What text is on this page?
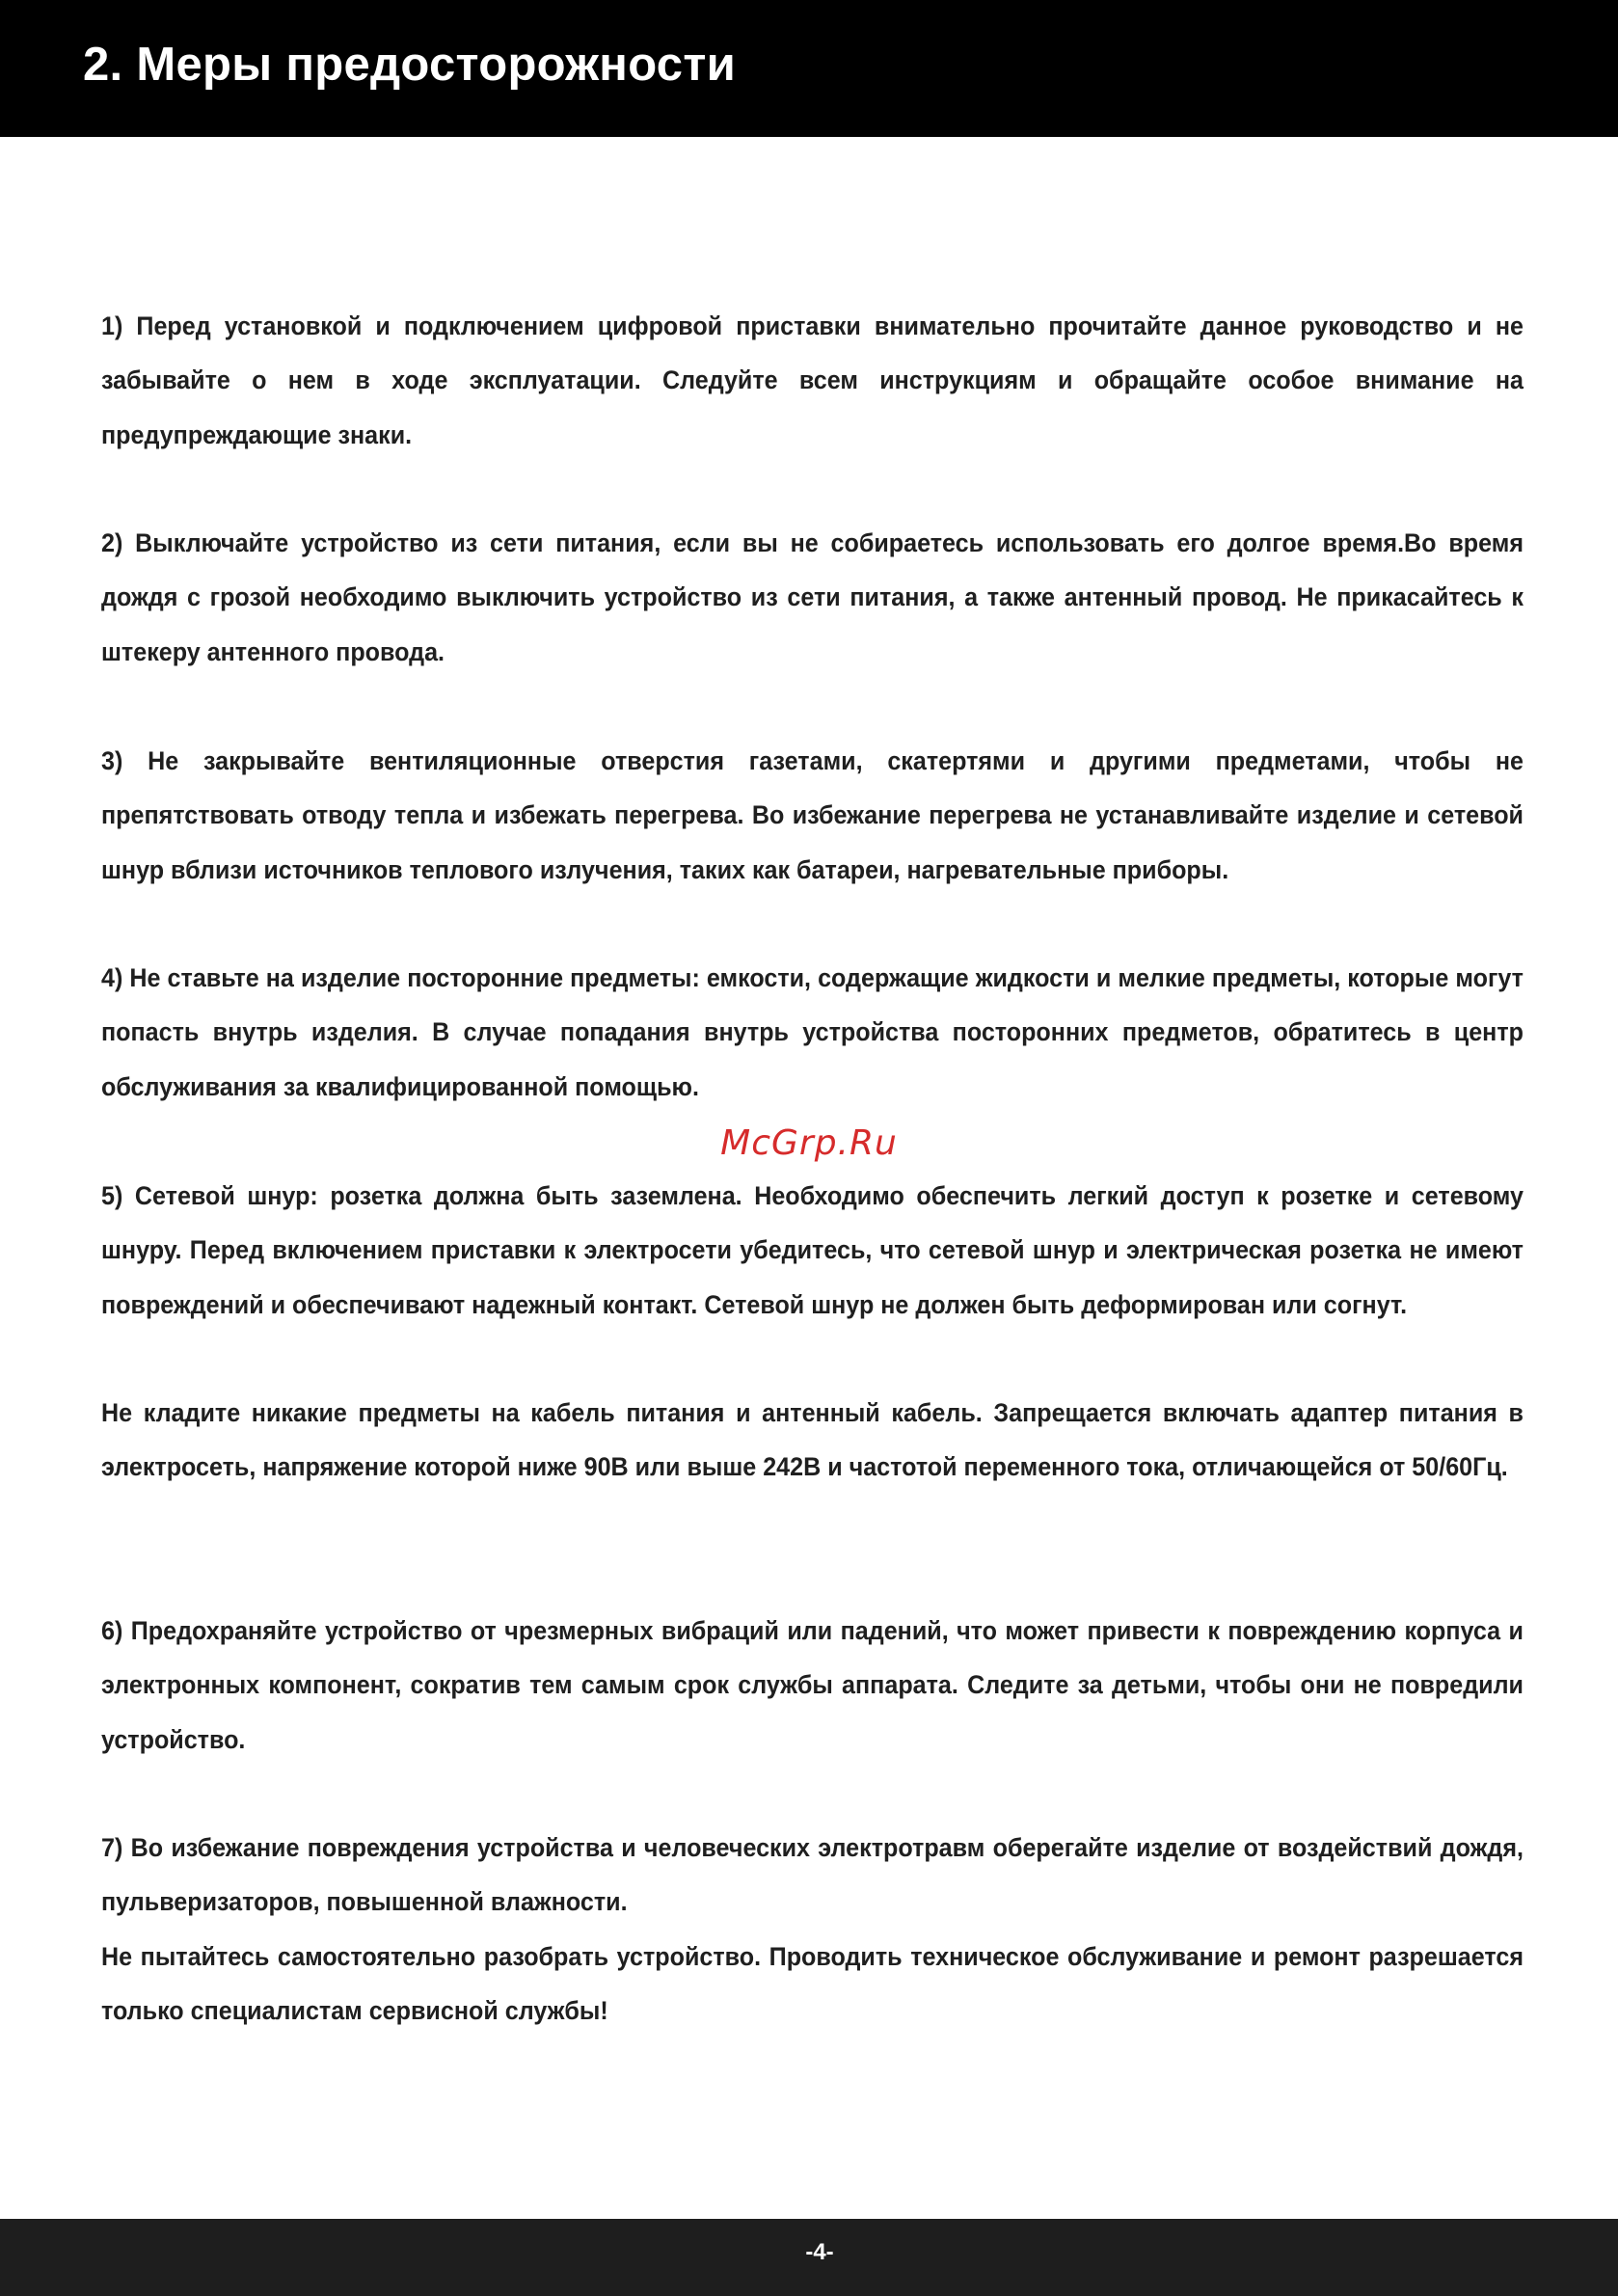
2. Меры предосторожности

1) Перед установкой и подключением цифровой приставки внимательно прочитайте данное руководство и не забывайте о нем в ходе эксплуатации. Следуйте всем инструкциям и обращайте особое внимание на предупреждающие знаки.

2) Выключайте устройство из сети питания, если вы не собираетесь использовать его долгое время.Во время дождя с грозой необходимо выключить устройство из сети питания, а также антенный провод. Не прикасайтесь к штекеру антенного провода.

3) Не закрывайте вентиляционные отверстия газетами, скатертями и другими предметами, чтобы не препятствовать отводу тепла и избежать перегрева. Во избежание перегрева не устанавливайте изделие и сетевой шнур вблизи источников теплового излучения, таких как батареи, нагревательные приборы.

4) Не ставьте на изделие посторонние предметы: емкости, содержащие жидкости и мелкие предметы, которые могут попасть внутрь изделия. В случае попадания внутрь устройства посторонних предметов, обратитесь в центр обслуживания за квалифицированной помощью.

5) Сетевой шнур: розетка должна быть заземлена. Необходимо обеспечить легкий доступ к розетке и сетевому шнуру. Перед включением приставки к электросети убедитесь, что сетевой шнур и электрическая розетка не имеют повреждений и обеспечивают надежный контакт. Сетевой шнур не должен быть деформирован или согнут.

Не кладите никакие предметы на кабель питания и антенный кабель. Запрещается включать адаптер питания в электросеть, напряжение которой ниже 90В или выше 242В и частотой переменного тока, отличающейся от 50/60Гц.

6) Предохраняйте устройство от чрезмерных вибраций или падений, что может привести к повреждению корпуса и электронных компонент, сократив тем самым срок службы аппарата. Следите за детьми, чтобы они не повредили устройство.

7) Во избежание повреждения устройства и человеческих электротравм оберегайте изделие от воздействий дождя, пульверизаторов, повышенной влажности.

Не пытайтесь самостоятельно разобрать устройство. Проводить техническое обслуживание и ремонт разрешается только специалистам сервисной службы!

McGrp.Ru
-4-
